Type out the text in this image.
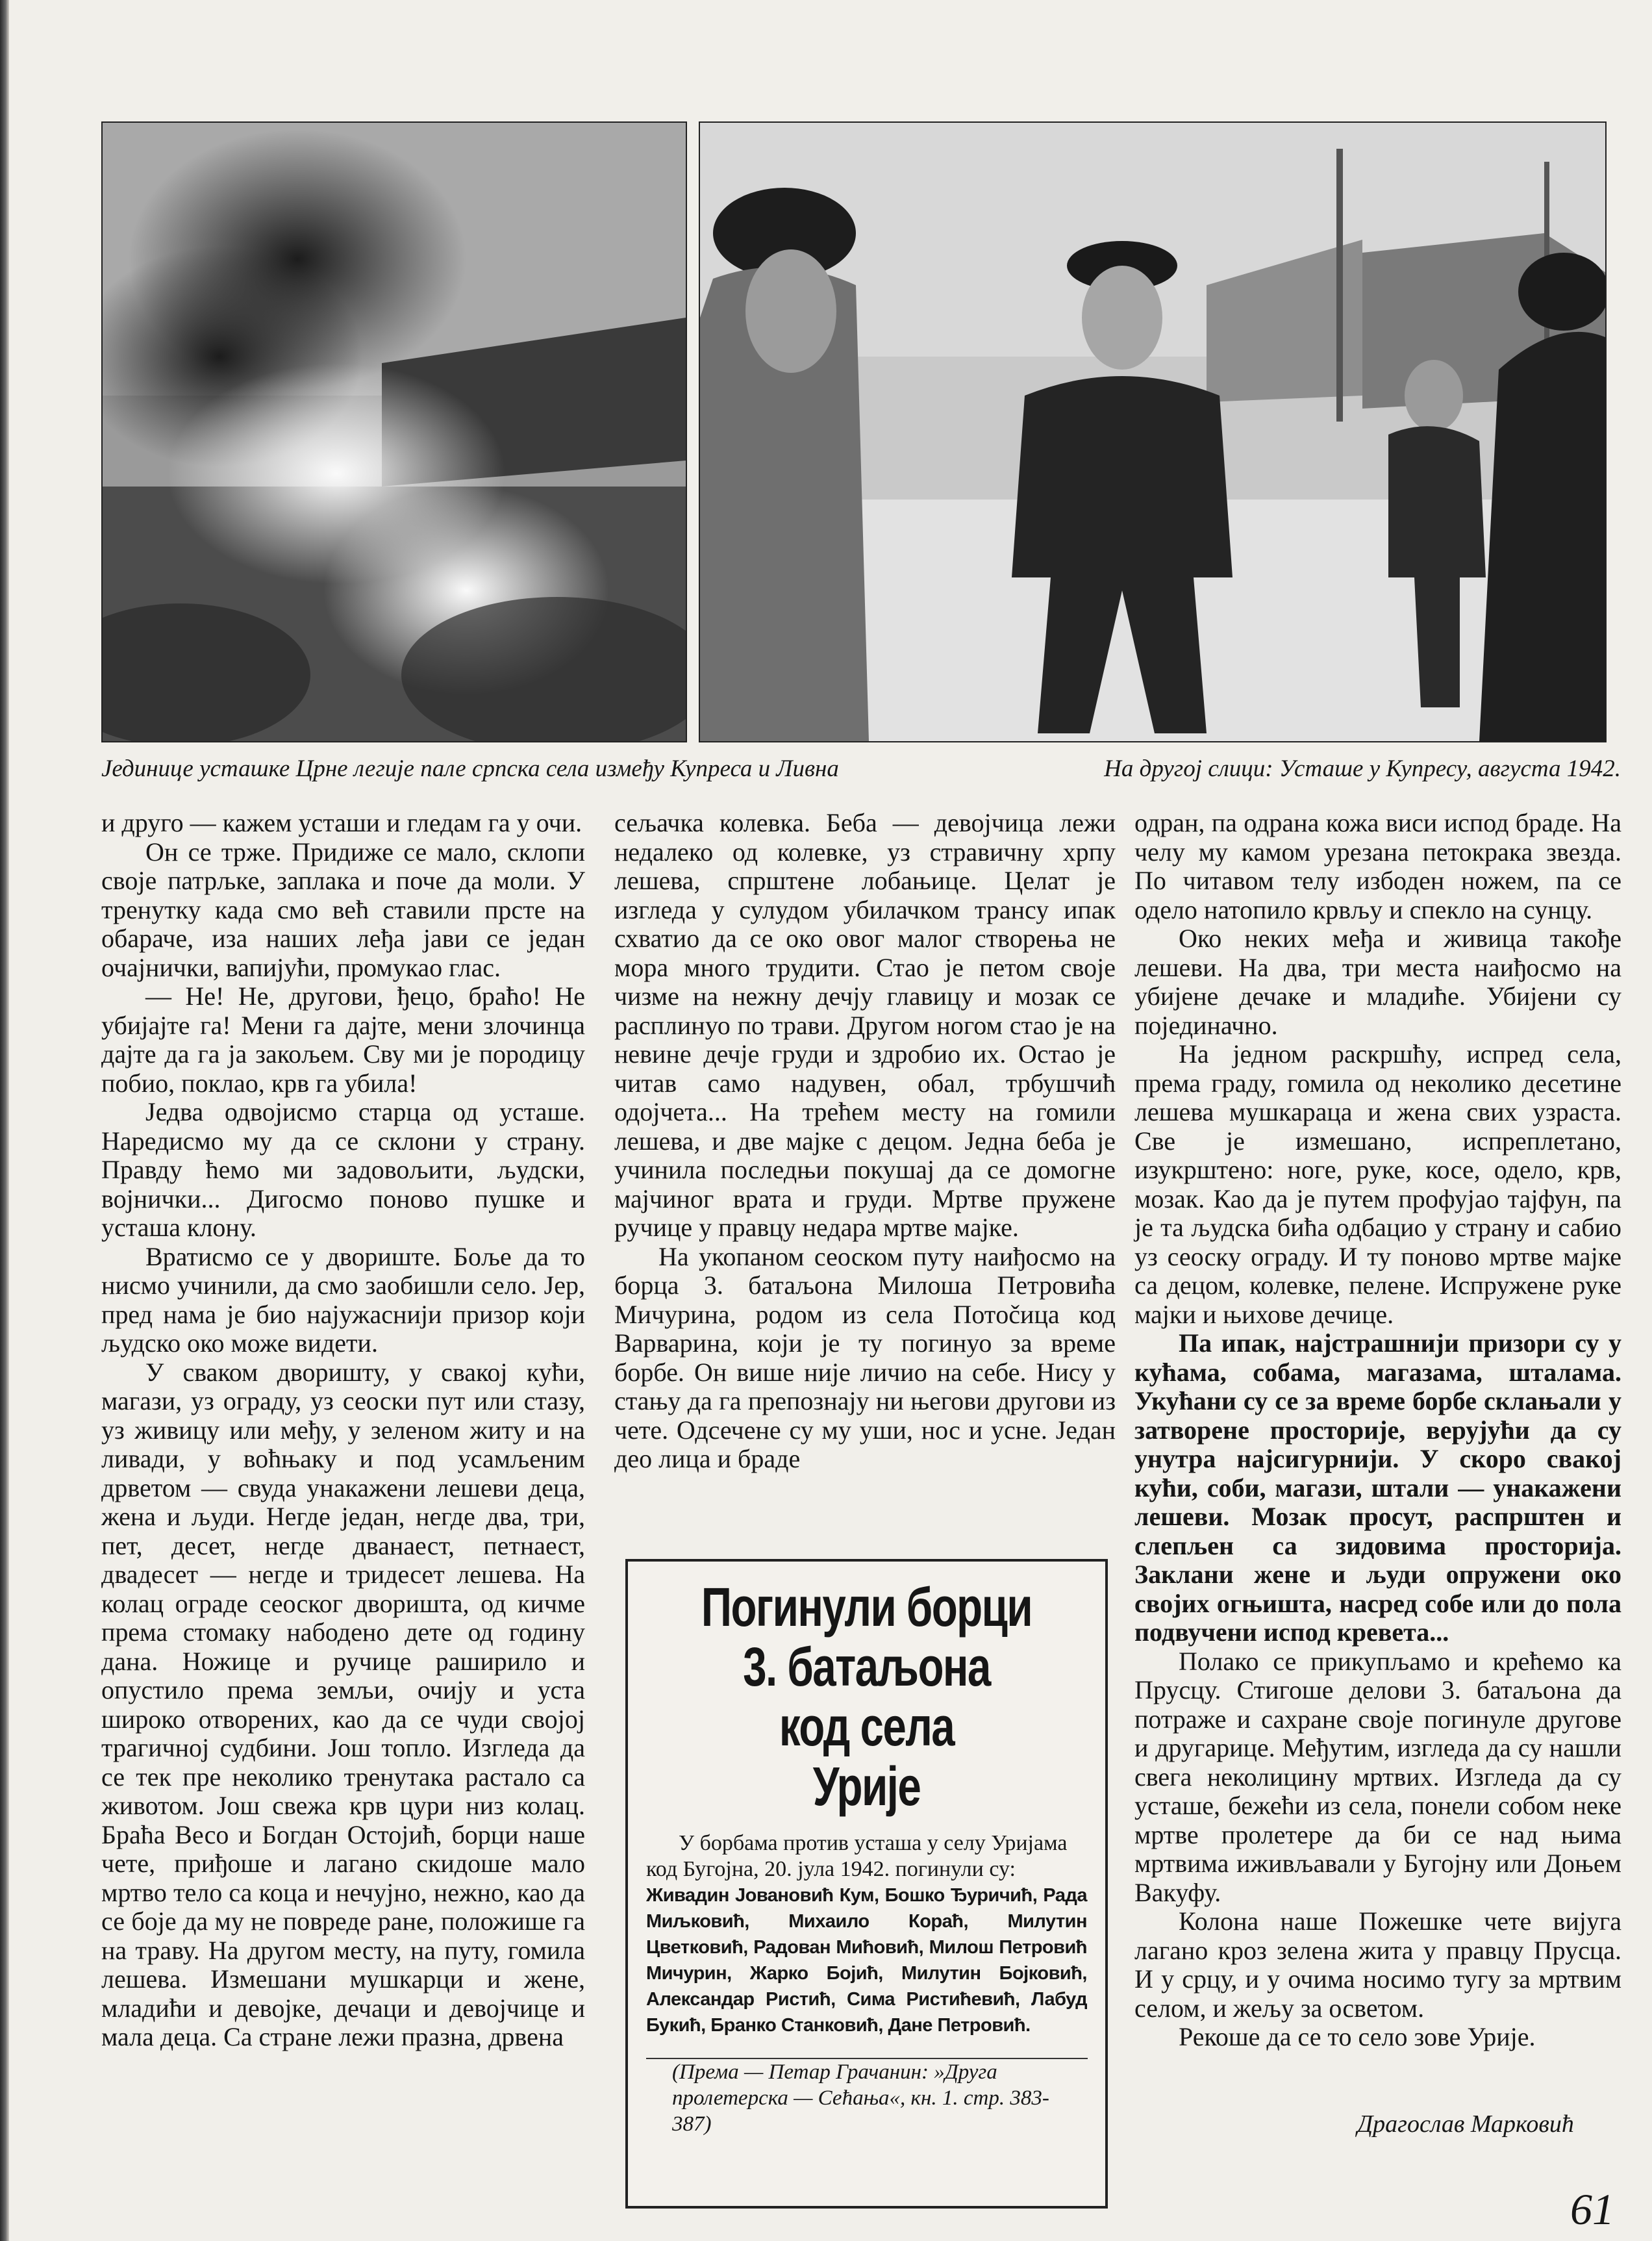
Јединице усташке Црне легије пале српска села између Купреса и Ливна	На другој слици: Усташе у Купресу, августа 1942.

и друго — кажем усташи и гледам га у очи.

Он се трже. Придиже се мало, склопи своје патрљке, заплака и поче да моли. У тренутку када смо већ ставили прсте на обараче, иза наших леђа јави се један очајнички, вапијући, промукао глас.

— Не! Не, другови, ђецо, браћо! Не убијајте га! Мени га дајте, мени злочинца дајте да га ја закољем. Сву ми је породицу побио, поклао, крв га убила!

Једва одвојисмо старца од усташе. Наредисмо му да се склони у страну. Правду ћемо ми задовољити, људски, војнички... Дигосмо поново пушке и усташа клону.

Вратисмо се у двориште. Боље да то нисмо учинили, да смо заобишли село. Јер, пред нама је био најужаснији призор који људско око може видети.

У сваком дворишту, у свакој кући, магази, уз ограду, уз сеоски пут или стазу, уз живицу или међу, у зеленом житу и на ливади, у воћњаку и под усамљеним дрветом — свуда унакажени лешеви деца, жена и људи. Негде један, негде два, три, пет, десет, негде дванаест, петнаест, двадесет — негде и тридесет лешева. На колац ограде сеоског дворишта, од кичме према стомаку набодено дете од годину дана. Ножице и ручице раширило и опустило према земљи, очију и уста широко отворених, као да се чуди својој трагичној судбини. Још топло. Изгледа да се тек пре неколико тренутака растало са животом. Још свежа крв цури низ колац. Браћа Весо и Богдан Остојић, борци наше чете, приђоше и лагано скидоше мало мртво тело са коца и нечујно, нежно, као да се боје да му не повреде ране, положише га на траву. На другом месту, на путу, гомила лешева. Измешани мушкарци и жене, младићи и девојке, дечаци и девојчице и мала деца. Са стране лежи празна, дрвена

сељачка колевка. Беба — девојчица лежи недалеко од колевке, уз стравичну хрпу лешева, спрштене лобањице. Целат је изгледа у сулудом убилачком трансу ипак схватио да се око овог малог створења не мора много трудити. Стао је петом своје чизме на нежну дечју главицу и мозак се расплинуо по трави. Другом ногом стао је на невине дечје груди и здробио их. Остао је читав само надувен, обал, трбушчић одојчета... На трећем месту на гомили лешева, и две мајке с децом. Једна беба је учинила последњи покушај да се домогне мајчиног врата и груди. Мртве пружене ручице у правцу недара мртве мајке.

На укопаном сеоском путу наиђосмо на борца 3. батаљона Милоша Петровића Мичурина, родом из села Потočица код Варварина, који је ту погинуо за време борбе. Он више није личио на себе. Нису у стању да га препознају ни његови другови из чете. Одсечене су му уши, нос и усне. Један део лица и браде

Погинули борци
3. батаљона
код села
Урије
У борбама против усташа у селу Уријама код Бугојна, 20. јула 1942. погинули су:
Живадин Јовановић Кум, Бошко Ђуричић, Рада Миљковић, Михаило Корaћ, Милутин Цветковић, Радован Мићовић, Милош Петровић Мичурин, Жарко Бојић, Милутин Бојковић, Александар Ристић, Сима Ристићевић, Лабуд Букић, Бранко Станковић, Дане Петровић.
(Према — Петар Грачанин: »Друга пролетерска — Сећања«, кн. 1. стр. 383-387)

одран, па одрана кожа виси испод браде. На челу му камом урезана петокрака звезда. По читавом телу избоден ножем, па се одело натопило крвљу и спекло на сунцу.

Око неких међа и живица такође лешеви. На два, три места наиђосмо на убијене дечаке и младиће. Убијени су појединачно.

На једном раскршћу, испред села, према граду, гомила од неколико десетине лешева мушкараца и жена свих узраста. Све је измешано, испреплетано, изукрштено: ноге, руке, косе, одело, крв, мозак. Као да је путем профујао тајфун, па је та људска бића одбацио у страну и сабио уз сеоску ограду. И ту поново мртве мајке са децом, колевке, пелене. Испружене руке мајки и њихове дечице.

Па ипак, најстрашнији призори су у кућама, собама, магазама, шталама. Укућани су се за време борбе склањали у затворене просторије, верујући да су унутра најсигурнији. У скоро свакој кући, соби, магази, штали — унакажени лешеви. Мозак просут, распрштен и слепљен са зидовима просторија. Заклани жене и људи опружени око својих огњишта, насред собе или до пола подвучени испод кревета...

Полако се прикупљамо и крећемо ка Прусцу. Стигоше делови 3. батаљона да потраже и сахране своје погинуле другове и другарице. Међутим, изгледа да су нашли свега неколицину мртвих. Изгледа да су усташе, бежећи из села, понели собом неке мртве пролетере да би се над њима мртвима иживљавали у Бугојну или Доњем Вакуфу.

Колона наше Пожешке чете вијуга лагано кроз зелена жита у правцу Прусца. И у срцу, и у очима носимо тугу за мртвим селом, и жељу за осветом.

Рекоше да се то село зове Урије.

Драгослав Марковић
61
